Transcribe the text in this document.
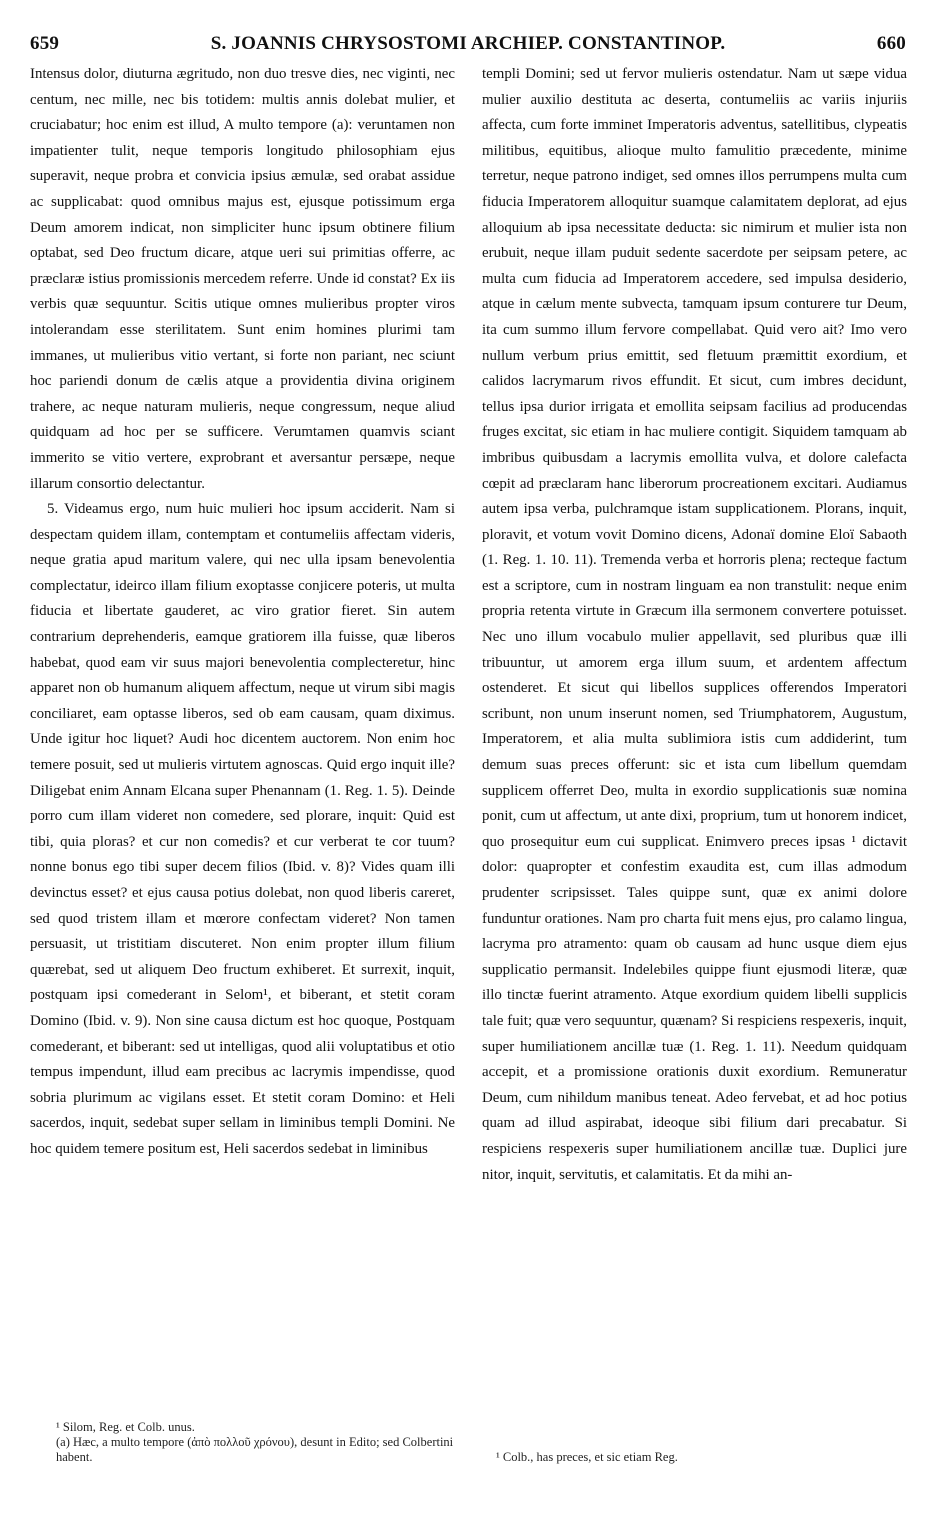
659	S. JOANNIS CHRYSOSTOMI ARCHIEP. CONSTANTINOP.	660

Intensus dolor, diuturna ægritudo, non duo tresve dies, nec viginti, nec centum, nec mille, nec bis totidem: multis annis dolebat mulier, et cruciabatur; hoc enim est illud, A multo tempore (a): veruntamen non impatienter tulit, neque temporis longitudo philosophiam ejus superavit, neque probra et convicia ipsius æmulæ, sed orabat assidue ac supplicabat: quod omnibus majus est, ejusque potissimum erga Deum amorem indicat, non simpliciter hunc ipsum obtinere filium optabat, sed Deo fructum dicare, atque ueri sui primitias offerre, ac præclaræ istius promissionis mercedem referre. Unde id constat? Ex iis verbis quæ sequuntur. Scitis utique omnes mulieribus propter viros intolerandam esse sterilitatem. Sunt enim homines plurimi tam immanes, ut mulieribus vitio vertant, si forte non pariant, nec sciunt hoc pariendi donum de cælis atque a providentia divina originem trahere, ac neque naturam mulieris, neque congressum, neque aliud quidquam ad hoc per se sufficere. Verumtamen quamvis sciant immerito se vitio vertere, exprobrant et aversantur persæpe, neque illarum consortio delectantur.

5. Videamus ergo, num huic mulieri hoc ipsum acciderit. Nam si despectam quidem illam, contemptam et contumeliis affectam videris, neque gratia apud maritum valere, qui nec ulla ipsam benevolentia complectatur, ideirco illam filium exoptasse conjicere poteris, ut multa fiducia et libertate gauderet, ac viro gratior fieret. Sin autem contrarium deprehenderis, eamque gratiorem illa fuisse, quæ liberos habebat, quod eam vir suus majori benevolentia complecteretur, hinc apparet non ob humanum aliquem affectum, neque ut virum sibi magis conciliaret, eam optasse liberos, sed ob eam causam, quam diximus. Unde igitur hoc liquet? Audi hoc dicentem auctorem. Non enim hoc temere posuit, sed ut mulieris virtutem agnoscas. Quid ergo inquit ille? Diligebat enim Annam Elcana super Phenannam (1. Reg. 1. 5). Deinde porro cum illam videret non comedere, sed plorare, inquit: Quid est tibi, quia ploras? et cur non comedis? et cur verberat te cor tuum? nonne bonus ego tibi super decem filios (Ibid. v. 8)? Vides quam illi devinctus esset? et ejus causa potius dolebat, non quod liberis careret, sed quod tristem illam et mœrore confectam videret? Non tamen persuasit, ut tristitiam discuteret. Non enim propter illum filium quærebat, sed ut aliquem Deo fructum exhiberet. Et surrexit, inquit, postquam ipsi comederant in Selom¹, et biberant, et stetit coram Domino (Ibid. v. 9). Non sine causa dictum est hoc quoque, Postquam comederant, et biberant: sed ut intelligas, quod alii voluptatibus et otio tempus impendunt, illud eam precibus ac lacrymis impendisse, quod sobria plurimum ac vigilans esset. Et stetit coram Domino: et Heli sacerdos, inquit, sedebat super sellam in liminibus templi Domini. Ne hoc quidem temere positum est, Heli sacerdos sedebat in liminibus

templi Domini; sed ut fervor mulieris ostendatur. Nam ut sæpe vidua mulier auxilio destituta ac deserta, contumeliis ac variis injuriis affecta, cum forte imminet Imperatoris adventus, satellitibus, clypeatis militibus, equitibus, alioque multo famulitio præcedente, minime terretur, neque patrono indiget, sed omnes illos perrumpens multa cum fiducia Imperatorem alloquitur suamque calamitatem deplorat, ad ejus alloquium ab ipsa necessitate deducta: sic nimirum et mulier ista non erubuit, neque illam puduit sedente sacerdote per seipsam petere, ac multa cum fiducia ad Imperatorem accedere, sed impulsa desiderio, atque in cælum mente subvecta, tamquam ipsum conturere tur Deum, ita cum summo illum fervore compellabat. Quid vero ait? Imo vero nullum verbum prius emittit, sed fletuum præmittit exordium, et calidos lacrymarum rivos effundit. Et sicut, cum imbres decidunt, tellus ipsa durior irrigata et emollita seipsam facilius ad producendas fruges excitat, sic etiam in hac muliere contigit. Siquidem tamquam ab imbribus quibusdam a lacrymis emollita vulva, et dolore calefacta cœpit ad præclaram hanc liberorum procreationem excitari. Audiamus autem ipsa verba, pulchramque istam supplicationem. Plorans, inquit, ploravit, et votum vovit Domino dicens, Adonaï domine Eloï Sabaoth (1. Reg. 1. 10. 11). Tremenda verba et horroris plena; recteque factum est a scriptore, cum in nostram linguam ea non transtulit: neque enim propria retenta virtute in Græcum illa sermonem convertere potuisset. Nec uno illum vocabulo mulier appellavit, sed pluribus quæ illi tribuuntur, ut amorem erga illum suum, et ardentem affectum ostenderet. Et sicut qui libellos supplices offerendos Imperatori scribunt, non unum inserunt nomen, sed Triumphatorem, Augustum, Imperatorem, et alia multa sublimiora istis cum addiderint, tum demum suas preces offerunt: sic et ista cum libellum quemdam supplicem offerret Deo, multa in exordio supplicationis suæ nomina ponit, cum ut affectum, ut ante dixi, proprium, tum ut honorem indicet, quo prosequitur eum cui supplicat. Enimvero preces ipsas ¹ dictavit dolor: quapropter et confestim exaudita est, cum illas admodum prudenter scripsisset. Tales quippe sunt, quæ ex animi dolore funduntur orationes. Nam pro charta fuit mens ejus, pro calamo lingua, lacryma pro atramento: quam ob causam ad hunc usque diem ejus supplicatio permansit. Indelebiles quippe fiunt ejusmodi literæ, quæ illo tinctæ fuerint atramento. Atque exordium quidem libelli supplicis tale fuit; quæ vero sequuntur, quænam? Si respiciens respexeris, inquit, super humiliationem ancillæ tuæ (1. Reg. 1. 11). Needum quidquam accepit, et a promissione orationis duxit exordium. Remuneratur Deum, cum nihildum manibus teneat. Adeo fervebat, et ad hoc potius quam ad illud aspirabat, ideoque sibi filium dari precabatur. Si respiciens respexeris super humiliationem ancillæ tuæ. Duplici jure nitor, inquit, servitutis, et calamitatis. Et da mihi an-

¹ Silom, Reg. et Colb. unus.
(a) Hæc, a multo tempore (ἀπὸ πολλοῦ χρόνου), desunt in Edito; sed Colbertini habent.	¹ Colb., has preces, et sic etiam Reg.
